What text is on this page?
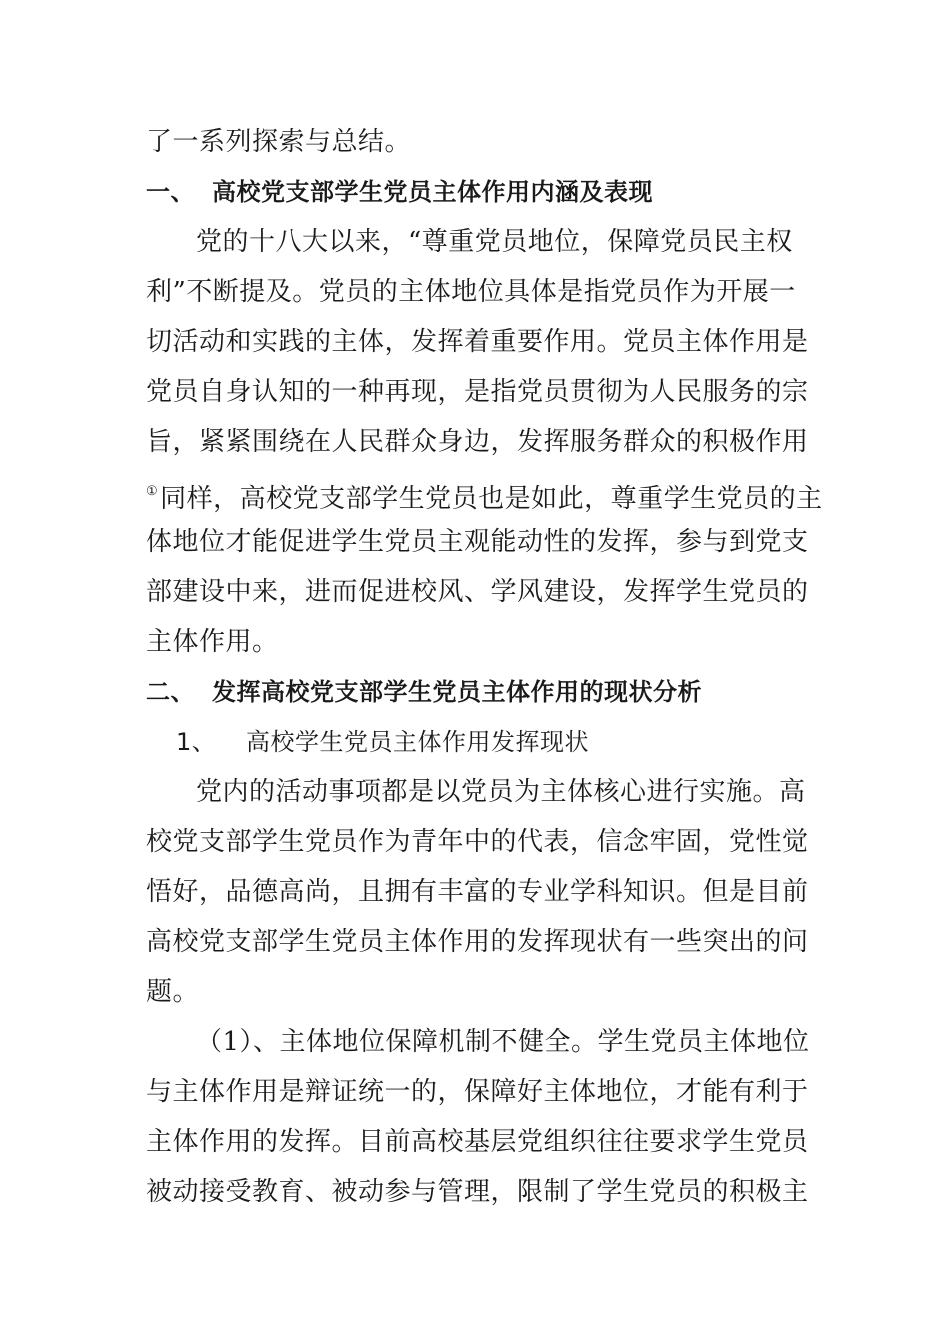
了一系列探索与总结。
一、 高校党支部学生党员主体作用内涵及表现
党的十八大以来，“尊重党员地位，保障党员民主权
利”不断提及。党员的主体地位具体是指党员作为开展一
切活动和实践的主体，发挥着重要作用。党员主体作用是
党员自身认知的一种再现，是指党员贯彻为人民服务的宗
旨，紧紧围绕在人民群众身边，发挥服务群众的积极作用
①同样，高校党支部学生党员也是如此，尊重学生党员的主
体地位才能促进学生党员主观能动性的发挥，参与到党支
部建设中来，进而促进校风、学风建设，发挥学生党员的
主体作用。
二、 发挥高校党支部学生党员主体作用的现状分析
1、 高校学生党员主体作用发挥现状
党内的活动事项都是以党员为主体核心进行实施。高
校党支部学生党员作为青年中的代表，信念牢固，党性觉
悟好，品德高尚，且拥有丰富的专业学科知识。但是目前
高校党支部学生党员主体作用的发挥现状有一些突出的问
题。
（1）、主体地位保障机制不健全。学生党员主体地位
与主体作用是辩证统一的，保障好主体地位，才能有利于
主体作用的发挥。目前高校基层党组织往往要求学生党员
被动接受教育、被动参与管理，限制了学生党员的积极主
